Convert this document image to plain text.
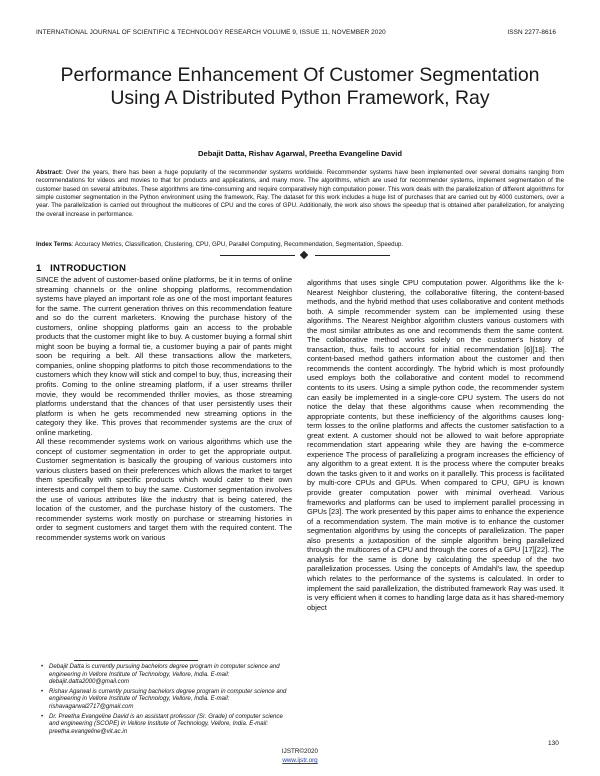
INTERNATIONAL JOURNAL OF SCIENTIFIC & TECHNOLOGY RESEARCH VOLUME 9, ISSUE 11, NOVEMBER 2020	ISSN 2277-8616
Performance Enhancement Of Customer Segmentation Using A Distributed Python Framework, Ray
Debajit Datta, Rishav Agarwal, Preetha Evangeline David
Abstract: Over the years, there has been a huge popularity of the recommender systems worldwide. Recommender systems have been implemented over several domains ranging from recommendations for videos and movies to that for products and applications, and many more. The algorithms, which are used for recommender systems, implement segmentation of the customer based on several attributes. These algorithms are time-consuming and require comparatively high computation power. This work deals with the parallelization of different algorithms for simple customer segmentation in the Python environment using the framework, Ray. The dataset for this work includes a huge list of purchases that are carried out by 4000 customers, over a year. The parallelization is carried out throughout the multicores of CPU and the cores of GPU. Additionally, the work also shows the speedup that is obtained after parallelization, for analyzing the overall increase in performance.
Index Terms: Accuracy Metrics, Classification, Clustering, CPU, GPU, Parallel Computing, Recommendation, Segmentation, Speedup.
1 INTRODUCTION

SINCE the advent of customer-based online platforms, be it in terms of online streaming channels or the online shopping platforms, recommendation systems have played an important role as one of the most important features for the same. The current generation thrives on this recommendation feature and so do the current marketers. Knowing the purchase history of the customers, online shopping platforms gain an access to the probable products that the customer might like to buy. A customer buying a formal shirt might soon be buying a formal tie, a customer buying a pair of pants might soon be requiring a belt. All these transactions allow the marketers, companies, online shopping platforms to pitch those recommendations to the customers which they know will stick and compel to buy, thus, increasing their profits. Coming to the online streaming platform, if a user streams thriller movie, they would be recommended thriller movies, as those streaming platforms understand that the chances of that user persistently uses their platform is when he gets recommended new streaming options in the category they like. This proves that recommender systems are the crux of online marketing.

All these recommender systems work on various algorithms which use the concept of customer segmentation in order to get the appropriate output. Customer segmentation is basically the grouping of various customers into various clusters based on their preferences which allows the market to target them specifically with specific products which would cater to their own interests and compel them to buy the same. Customer segmentation involves the use of various attributes like the industry that is being catered, the location of the customer, and the purchase history of the customers. The recommender systems work mostly on purchase or streaming histories in order to segment customers and target them with the required content. The recommender systems work on various

algorithms that uses single CPU computation power. Algorithms like the k-Nearest Neighbor clustering, the collaborative filtering, the content-based methods, and the hybrid method that uses collaborative and content methods both. A simple recommender system can be implemented using these algorithms. The Nearest Neighbor algorithm clusters various customers with the most similar attributes as one and recommends them the same content. The collaborative method works solely on the customer's history of transaction, thus, fails to account for initial recommendation [6][18]. The content-based method gathers information about the customer and then recommends the content accordingly. The hybrid which is most profoundly used employs both the collaborative and content model to recommend contents to its users. Using a simple python code, the recommender system can easily be implemented in a single-core CPU system. The users do not notice the delay that these algorithms cause when recommending the appropriate contents, but these inefficiency of the algorithms causes long-term losses to the online platforms and affects the customer satisfaction to a great extent. A customer should not be allowed to wait before appropriate recommendation start appearing while they are having the e-commerce experience The process of parallelizing a program increases the efficiency of any algorithm to a great extent. It is the process where the computer breaks down the tasks given to it and works on it parallelly. This process is facilitated by multi-core CPUs and GPUs. When compared to CPU, GPU is known provide greater computation power with minimal overhead. Various frameworks and platforms can be used to implement parallel processing in GPUs [23]. The work presented by this paper aims to enhance the experience of a recommendation system. The main motive is to enhance the customer segmentation algorithms by using the concepts of parallelization. The paper also presents a juxtaposition of the simple algorithm being parallelized through the multicores of a CPU and through the cores of a GPU [17][22]. The analysis for the same is done by calculating the speedup of the two parallelization processes. Using the concepts of Amdahl's law, the speedup which relates to the performance of the systems is calculated. In order to implement the said parallelization, the distributed framework Ray was used. It is very efficient when it comes to handling large data as it has shared-memory object

• Debajit Datta is currently pursuing bachelors degree program in computer science and engineering in Vellore Institute of Technology, Vellore, India. E-mail: debajit.datta2000@gmail.com
• Rishav Agarwal is currently pursuing bachelors degree program in computer science and engineering in Vellore Institute of Technology, Vellore, India. E-mail: rishavagarwal2717@gmail.com
• Dr. Preetha Evangeline David is an assistant professor (Sr. Grade) of computer science and engineering (SCOPE) in Vellore Institute of Technology, Vellore, India. E-mail: preetha.evangeline@vit.ac.in
130
IJSTR©2020
www.ijstr.org
